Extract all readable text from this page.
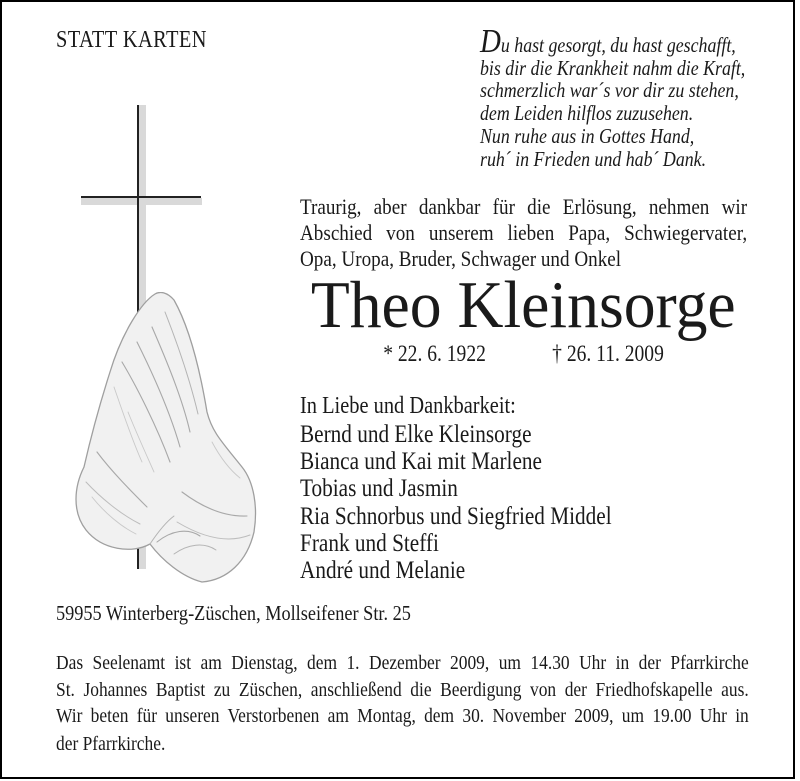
STATT KARTEN	Du hast gesorgt, du hast geschafft,
bis dir die Krankheit nahm die Kraft,
schmerzlich war´s vor dir zu stehen,
dem Leiden hilflos zuzusehen.
Nun ruhe aus in Gottes Hand,
ruh´ in Frieden und hab´ Dank.
Traurig, aber dankbar für die Erlösung, nehmen wir
Abschied von unserem lieben Papa, Schwiegervater,
Opa, Uropa, Bruder, Schwager und Onkel
Theo Kleinsorge
* 22. 6. 1922	† 26. 11. 2009
In Liebe und Dankbarkeit:
Bernd und Elke Kleinsorge
Bianca und Kai mit Marlene
Tobias und Jasmin
Ria Schnorbus und Siegfried Middel
Frank und Steffi
André und Melanie
59955 Winterberg-Züschen, Mollseifener Str. 25
Das Seelenamt ist am Dienstag, dem 1. Dezember 2009, um 14.30 Uhr in der Pfarrkirche
St. Johannes Baptist zu Züschen, anschließend die Beerdigung von der Friedhofskapelle aus.
Wir beten für unseren Verstorbenen am Montag, dem 30. November 2009, um 19.00 Uhr in
der Pfarrkirche.
